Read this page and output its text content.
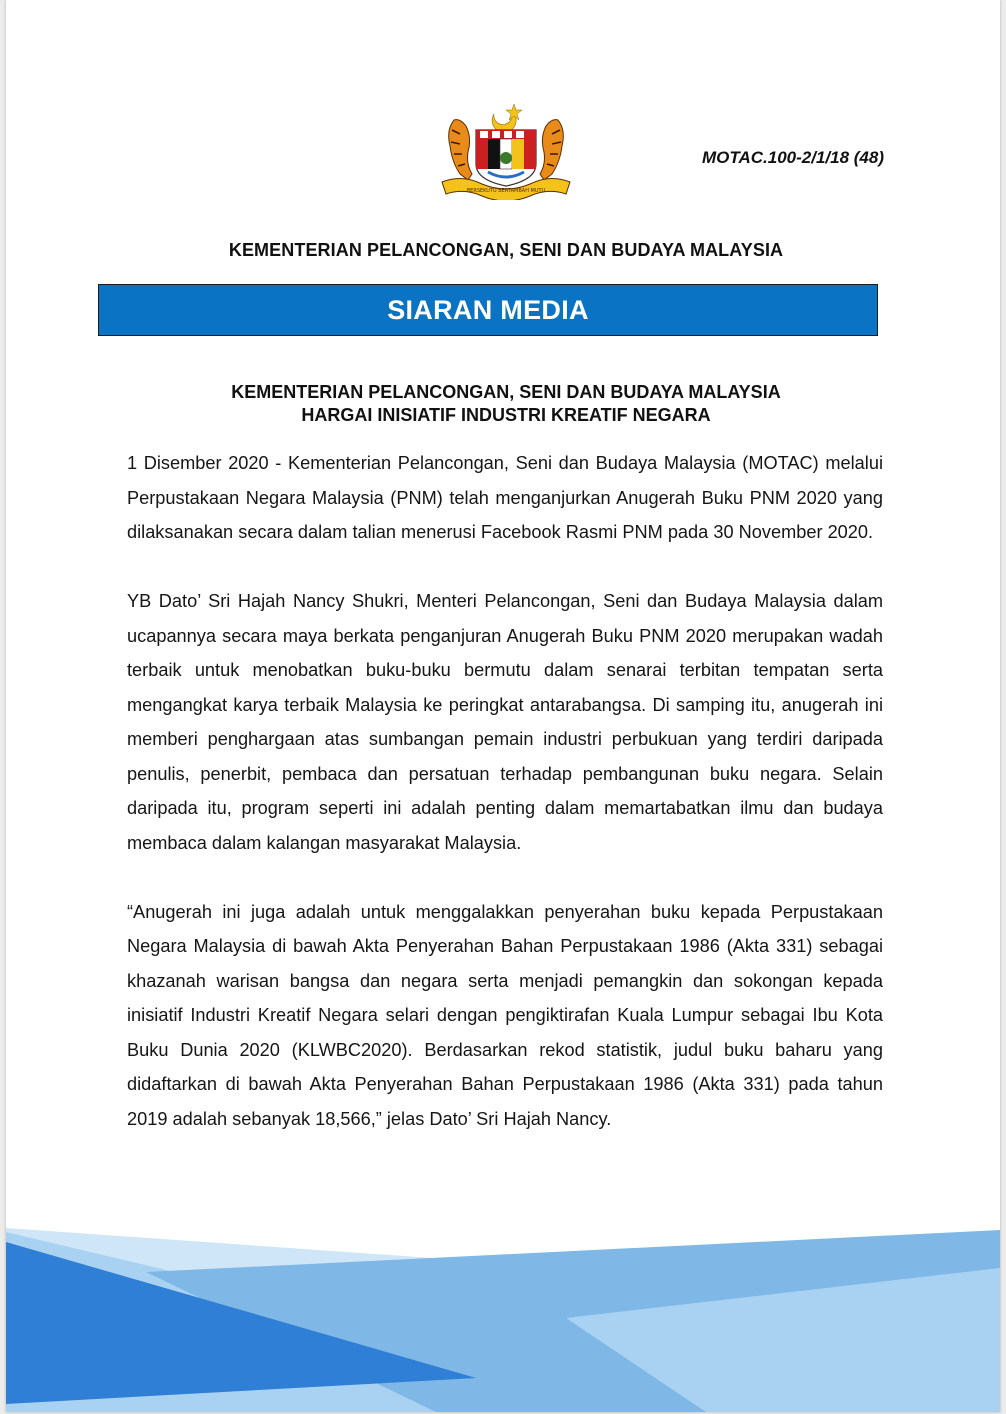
BERSEKUTU BERTAMBAH MUTU
MOTAC.100-2/1/18 (48)
KEMENTERIAN PELANCONGAN, SENI DAN BUDAYA MALAYSIA
SIARAN MEDIA
KEMENTERIAN PELANCONGAN, SENI DAN BUDAYA MALAYSIA
HARGAI INISIATIF INDUSTRI KREATIF NEGARA

1 Disember 2020 - Kementerian Pelancongan, Seni dan Budaya Malaysia (MOTAC) melalui Perpustakaan Negara Malaysia (PNM) telah menganjurkan Anugerah Buku PNM 2020 yang dilaksanakan secara dalam talian menerusi Facebook Rasmi PNM pada 30 November 2020.

YB Dato’ Sri Hajah Nancy Shukri, Menteri Pelancongan, Seni dan Budaya Malaysia dalam ucapannya secara maya berkata penganjuran Anugerah Buku PNM 2020 merupakan wadah terbaik untuk menobatkan buku-buku bermutu dalam senarai terbitan tempatan serta mengangkat karya terbaik Malaysia ke peringkat antarabangsa. Di samping itu, anugerah ini memberi penghargaan atas sumbangan pemain industri perbukuan yang terdiri daripada penulis, penerbit, pembaca dan persatuan terhadap pembangunan buku negara. Selain daripada itu, program seperti ini adalah penting dalam memartabatkan ilmu dan budaya membaca dalam kalangan masyarakat Malaysia.

“Anugerah ini juga adalah untuk menggalakkan penyerahan buku kepada Perpustakaan Negara Malaysia di bawah Akta Penyerahan Bahan Perpustakaan 1986 (Akta 331) sebagai khazanah warisan bangsa dan negara serta menjadi pemangkin dan sokongan kepada inisiatif Industri Kreatif Negara selari dengan pengiktirafan Kuala Lumpur sebagai Ibu Kota Buku Dunia 2020 (KLWBC2020). Berdasarkan rekod statistik, judul buku baharu yang didaftarkan di bawah Akta Penyerahan Bahan Perpustakaan 1986 (Akta 331) pada tahun 2019 adalah sebanyak 18,566,” jelas Dato’ Sri Hajah Nancy.
